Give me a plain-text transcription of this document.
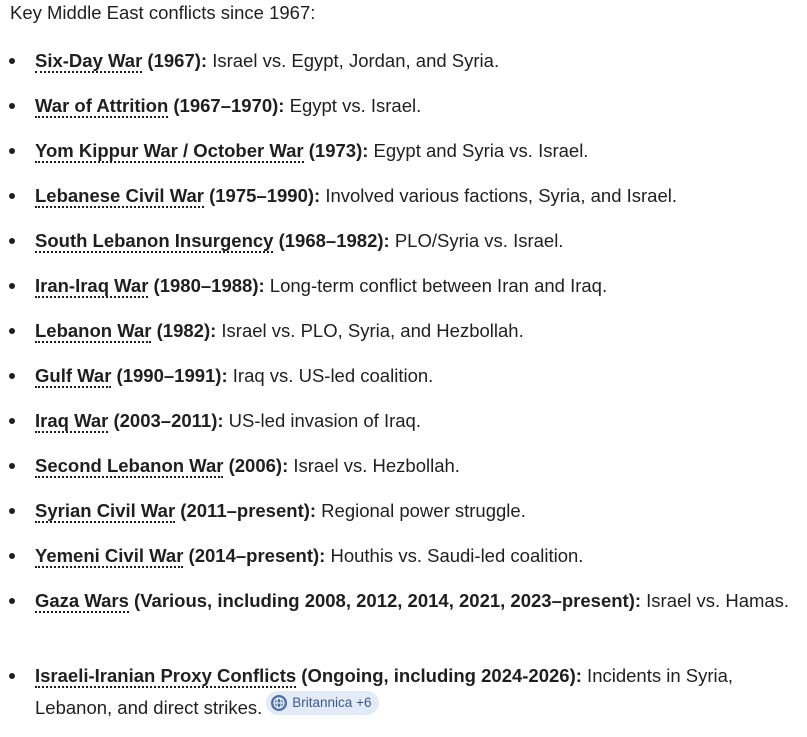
Key Middle East conflicts since 1967:
Six-Day War (1967): Israel vs. Egypt, Jordan, and Syria.
War of Attrition (1967–1970): Egypt vs. Israel.
Yom Kippur War / October War (1973): Egypt and Syria vs. Israel.
Lebanese Civil War (1975–1990): Involved various factions, Syria, and Israel.
South Lebanon Insurgency (1968–1982): PLO/Syria vs. Israel.
Iran-Iraq War (1980–1988): Long-term conflict between Iran and Iraq.
Lebanon War (1982): Israel vs. PLO, Syria, and Hezbollah.
Gulf War (1990–1991): Iraq vs. US-led coalition.
Iraq War (2003–2011): US-led invasion of Iraq.
Second Lebanon War (2006): Israel vs. Hezbollah.
Syrian Civil War (2011–present): Regional power struggle.
Yemeni Civil War (2014–present): Houthis vs. Saudi-led coalition.
Gaza Wars (Various, including 2008, 2012, 2014, 2021, 2023–present): Israel vs. Hamas.
Israeli-Iranian Proxy Conflicts (Ongoing, including 2024-2026): Incidents in Syria, Lebanon, and direct strikes. Britannica +6
